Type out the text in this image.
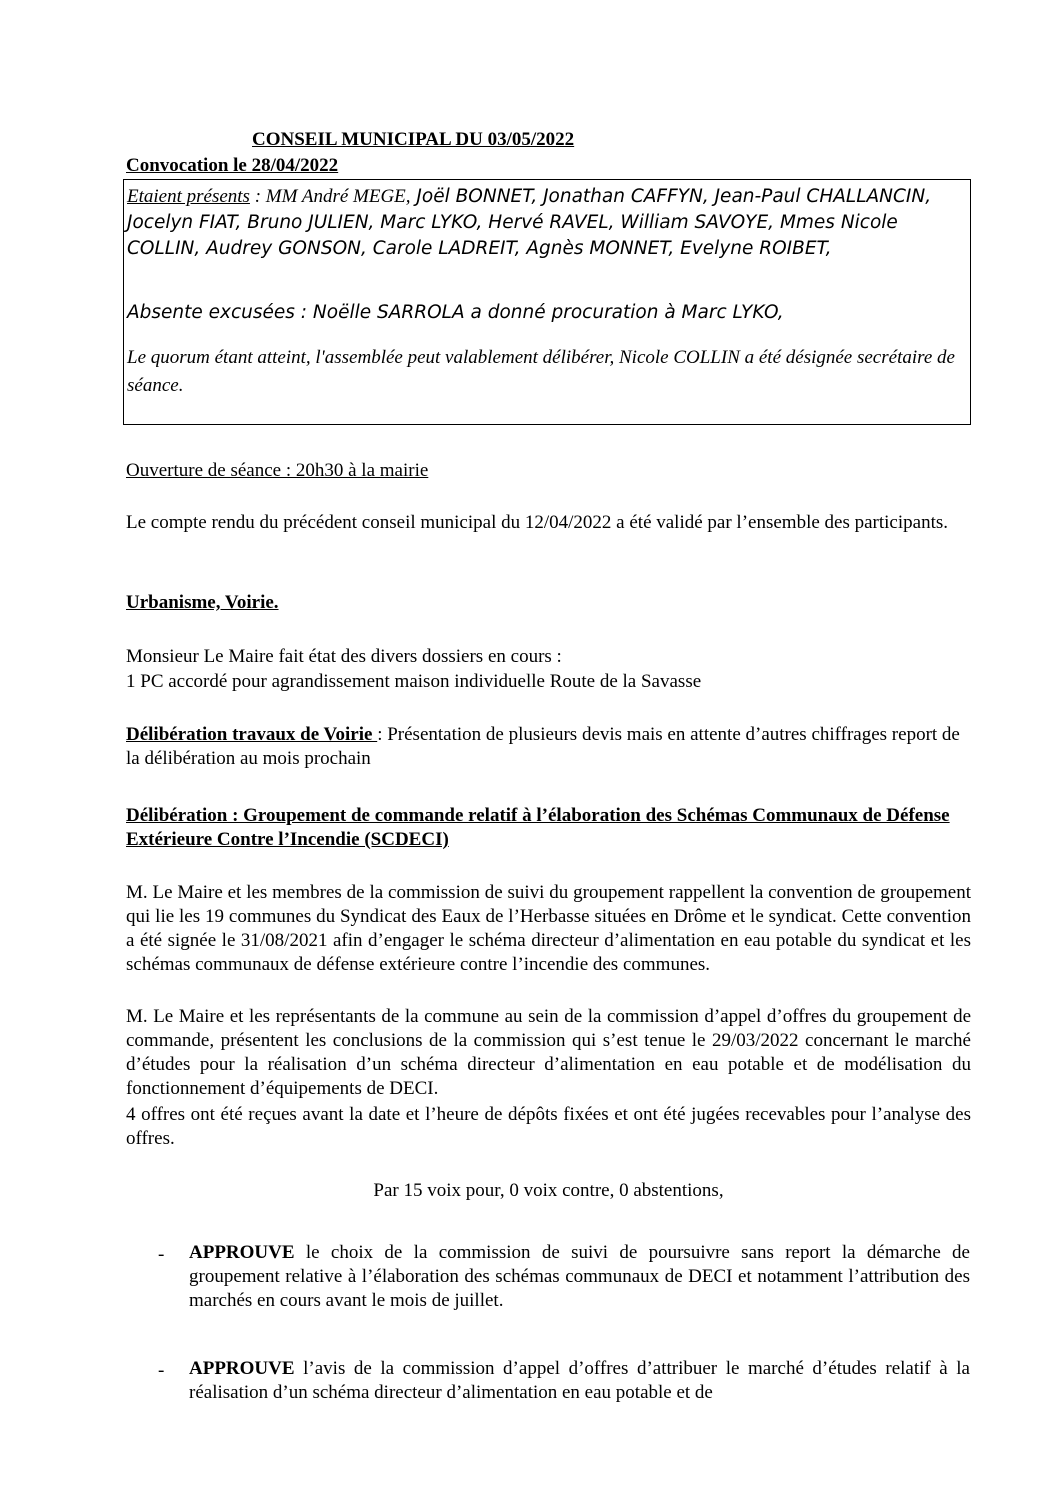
CONSEIL MUNICIPAL DU 03/05/2022
Convocation le 28/04/2022
Etaient présents : MM André MEGE, Joël BONNET, Jonathan CAFFYN, Jean-Paul CHALLANCIN, Jocelyn FIAT, Bruno JULIEN, Marc LYKO, Hervé RAVEL, William SAVOYE, Mmes Nicole COLLIN, Audrey GONSON, Carole LADREIT, Agnès MONNET, Evelyne ROIBET,
Absente excusées : Noëlle SARROLA a donné procuration à Marc LYKO,
Le quorum étant atteint, l'assemblée peut valablement délibérer, Nicole COLLIN a été désignée secrétaire de séance.
Ouverture de séance : 20h30 à la mairie
Le compte rendu du précédent conseil municipal du 12/04/2022 a été validé par l’ensemble des participants.
Urbanisme, Voirie.
Monsieur Le Maire fait état des divers dossiers en cours :
1 PC accordé pour agrandissement maison individuelle Route de la Savasse
Délibération travaux de Voirie : Présentation de plusieurs devis mais en attente d’autres chiffrages report de la délibération au mois prochain
Délibération : Groupement de commande relatif à l’élaboration des Schémas Communaux de Défense Extérieure Contre l’Incendie (SCDECI)
M. Le Maire et les membres de la commission de suivi du groupement rappellent la convention de groupement qui lie les 19 communes du Syndicat des Eaux de l’Herbasse situées en Drôme et le syndicat. Cette convention a été signée le 31/08/2021 afin d’engager le schéma directeur d’alimentation en eau potable du syndicat et les schémas communaux de défense extérieure contre l’incendie des communes.
M. Le Maire et les représentants de la commune au sein de la commission d’appel d’offres du groupement de commande, présentent les conclusions de la commission qui s’est tenue le 29/03/2022 concernant le marché d’études pour la réalisation d’un schéma directeur d’alimentation en eau potable et de modélisation du fonctionnement d’équipements de DECI.
4 offres ont été reçues avant la date et l’heure de dépôts fixées et ont été jugées recevables pour l’analyse des offres.
Par 15 voix pour, 0 voix contre, 0 abstentions,
- APPROUVE le choix de la commission de suivi de poursuivre sans report la démarche de groupement relative à l’élaboration des schémas communaux de DECI et notamment l’attribution des marchés en cours avant le mois de juillet.
- APPROUVE l’avis de la commission d’appel d’offres d’attribuer le marché d’études relatif à la réalisation d’un schéma directeur d’alimentation en eau potable et de
